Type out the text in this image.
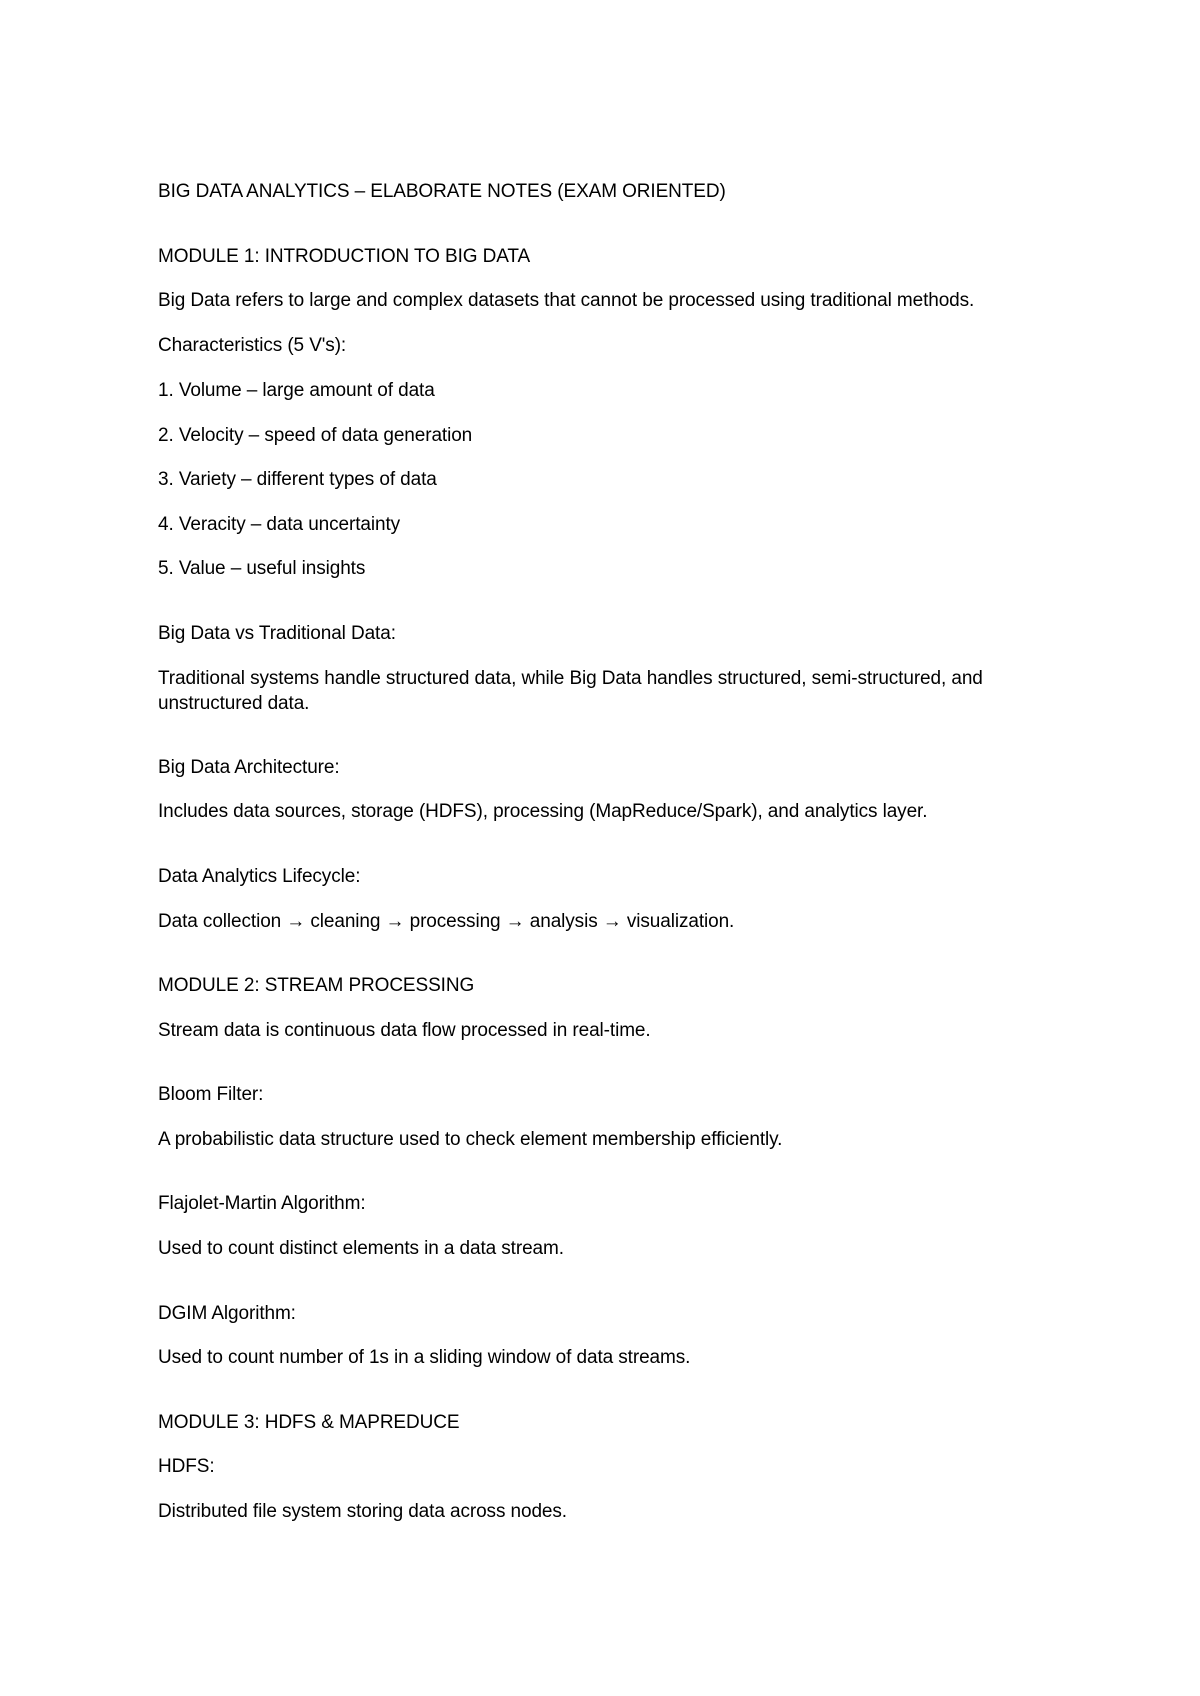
BIG DATA ANALYTICS – ELABORATE NOTES (EXAM ORIENTED)
MODULE 1: INTRODUCTION TO BIG DATA
Big Data refers to large and complex datasets that cannot be processed using traditional methods.
Characteristics (5 V's):
1. Volume – large amount of data
2. Velocity – speed of data generation
3. Variety – different types of data
4. Veracity – data uncertainty
5. Value – useful insights
Big Data vs Traditional Data:
Traditional systems handle structured data, while Big Data handles structured, semi-structured, and
unstructured data.
Big Data Architecture:
Includes data sources, storage (HDFS), processing (MapReduce/Spark), and analytics layer.
Data Analytics Lifecycle:
Data collection → cleaning → processing → analysis → visualization.
MODULE 2: STREAM PROCESSING
Stream data is continuous data flow processed in real-time.
Bloom Filter:
A probabilistic data structure used to check element membership efficiently.
Flajolet-Martin Algorithm:
Used to count distinct elements in a data stream.
DGIM Algorithm:
Used to count number of 1s in a sliding window of data streams.
MODULE 3: HDFS & MAPREDUCE
HDFS:
Distributed file system storing data across nodes.
